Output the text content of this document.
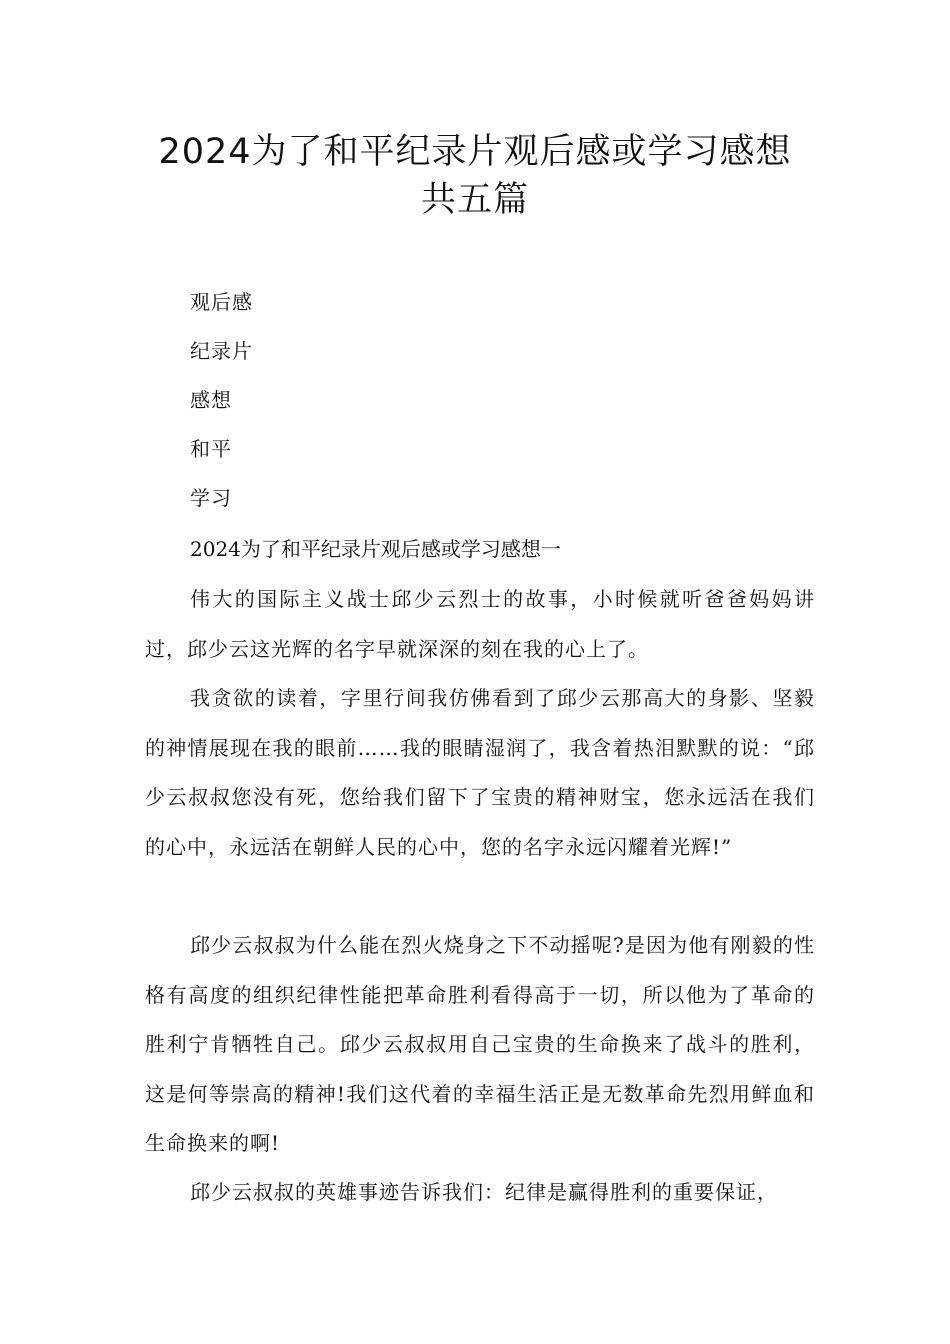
2024为了和平纪录片观后感或学习感想
共五篇
观后感
纪录片
感想
和平
学习
2024为了和平纪录片观后感或学习感想一

伟大的国际主义战士邱少云烈士的故事，小时候就听爸爸妈妈讲过，邱少云这光辉的名字早就深深的刻在我的心上了。

我贪欲的读着，字里行间我仿佛看到了邱少云那高大的身影、坚毅的神情展现在我的眼前……我的眼睛湿润了，我含着热泪默默的说：“邱少云叔叔您没有死，您给我们留下了宝贵的精神财宝，您永远活在我们的心中，永远活在朝鲜人民的心中，您的名字永远闪耀着光辉!”

邱少云叔叔为什么能在烈火烧身之下不动摇呢?是因为他有刚毅的性格有高度的组织纪律性能把革命胜利看得高于一切，所以他为了革命的胜利宁肯牺牲自己。邱少云叔叔用自己宝贵的生命换来了战斗的胜利，这是何等崇高的精神!我们这代着的幸福生活正是无数革命先烈用鲜血和生命换来的啊!

邱少云叔叔的英雄事迹告诉我们：纪律是赢得胜利的重要保证，
